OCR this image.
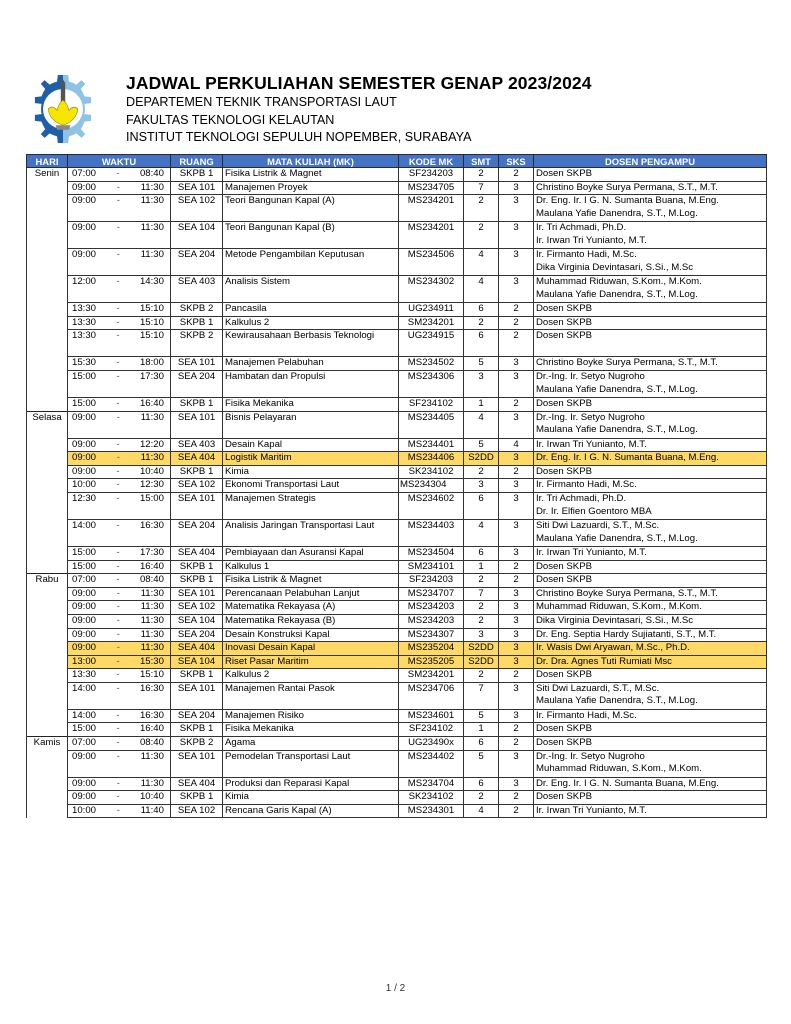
JADWAL PERKULIAHAN SEMESTER GENAP 2023/2024
DEPARTEMEN TEKNIK TRANSPORTASI LAUT
FAKULTAS TEKNOLOGI KELAUTAN
INSTITUT TEKNOLOGI SEPULUH NOPEMBER, SURABAYA
HARI	WAKTU	RUANG	MATA KULIAH (MK)	KODE MK	SMT	SKS	DOSEN PENGAMPU
Senin	07:00 - 08:40	SKPB 1	Fisika Listrik & Magnet	SF234203	2	2	Dosen SKPB

	09:00 - 11:30	SEA 101	Manajemen Proyek	MS234705	7	3	Christino Boyke Surya Permana, S.T., M.T.

	09:00 - 11:30	SEA 102	Teori Bangunan Kapal (A)	MS234201	2	3	Dr. Eng. Ir. I G. N. Sumanta Buana, M.Eng.
Maulana Yafie Danendra, S.T., M.Log.

	09:00 - 11:30	SEA 104	Teori Bangunan Kapal (B)	MS234201	2	3	Ir. Tri Achmadi, Ph.D.
Ir. Irwan Tri Yunianto, M.T.

	09:00 - 11:30	SEA 204	Metode Pengambilan Keputusan	MS234506	4	3	Ir. Firmanto Hadi, M.Sc.
Dika Virginia Devintasari, S.Si., M.Sc

	12:00 - 14:30	SEA 403	Analisis Sistem	MS234302	4	3	Muhammad Riduwan, S.Kom., M.Kom.
Maulana Yafie Danendra, S.T., M.Log.

	13:30 - 15:10	SKPB 2	Pancasila	UG234911	6	2	Dosen SKPB

	13:30 - 15:10	SKPB 1	Kalkulus 2	SM234201	2	2	Dosen SKPB

	13:30 - 15:10	SKPB 2	Kewirausahaan Berbasis Teknologi	UG234915	6	2	Dosen SKPB

	15:30 - 18:00	SEA 101	Manajemen Pelabuhan	MS234502	5	3	Christino Boyke Surya Permana, S.T., M.T.

	15:00 - 17:30	SEA 204	Hambatan dan Propulsi	MS234306	3	3	Dr.-Ing. Ir. Setyo Nugroho
Maulana Yafie Danendra, S.T., M.Log.

	15:00 - 16:40	SKPB 1	Fisika Mekanika	SF234102	1	2	Dosen SKPB

Selasa	09:00 - 11:30	SEA 101	Bisnis Pelayaran	MS234405	4	3	Dr.-Ing. Ir. Setyo Nugroho
Maulana Yafie Danendra, S.T., M.Log.

	09:00 - 12:20	SEA 403	Desain Kapal	MS234401	5	4	Ir. Irwan Tri Yunianto, M.T.

	09:00 - 11:30	SEA 404	Logistik Maritim	MS234406	S2DD	3	Dr. Eng. Ir. I G. N. Sumanta Buana, M.Eng.

	09:00 - 10:40	SKPB 1	Kimia	SK234102	2	2	Dosen SKPB

	10:00 - 12:30	SEA 102	Ekonomi Transportasi Laut	MS234304	3	3	Ir. Firmanto Hadi, M.Sc.

	12:30 - 15:00	SEA 101	Manajemen Strategis	MS234602	6	3	Ir. Tri Achmadi, Ph.D.
Dr. Ir. Elfien Goentoro MBA

	14:00 - 16:30	SEA 204	Analisis Jaringan Transportasi Laut	MS234403	4	3	Siti Dwi Lazuardi, S.T., M.Sc.
Maulana Yafie Danendra, S.T., M.Log.

	15:00 - 17:30	SEA 404	Pembiayaan dan Asuransi Kapal	MS234504	6	3	Ir. Irwan Tri Yunianto, M.T.

	15:00 - 16:40	SKPB 1	Kalkulus 1	SM234101	1	2	Dosen SKPB

Rabu	07:00 - 08:40	SKPB 1	Fisika Listrik & Magnet	SF234203	2	2	Dosen SKPB

	09:00 - 11:30	SEA 101	Perencanaan Pelabuhan Lanjut	MS234707	7	3	Christino Boyke Surya Permana, S.T., M.T.

	09:00 - 11:30	SEA 102	Matematika Rekayasa (A)	MS234203	2	3	Muhammad Riduwan, S.Kom., M.Kom.

	09:00 - 11:30	SEA 104	Matematika Rekayasa (B)	MS234203	2	3	Dika Virginia Devintasari, S.Si., M.Sc

	09:00 - 11:30	SEA 204	Desain Konstruksi Kapal	MS234307	3	3	Dr. Eng. Septia Hardy Sujiatanti, S.T., M.T.

	09:00 - 11:30	SEA 404	Inovasi Desain Kapal	MS235204	S2DD	3	Ir. Wasis Dwi Aryawan, M.Sc., Ph.D.

	13:00 - 15:30	SEA 104	Riset Pasar Maritim	MS235205	S2DD	3	Dr. Dra. Agnes Tuti Rumiati Msc

	13:30 - 15:10	SKPB 1	Kalkulus 2	SM234201	2	2	Dosen SKPB

	14:00 - 16:30	SEA 101	Manajemen Rantai Pasok	MS234706	7	3	Siti Dwi Lazuardi, S.T., M.Sc.
Maulana Yafie Danendra, S.T., M.Log.

	14:00 - 16:30	SEA 204	Manajemen Risiko	MS234601	5	3	Ir. Firmanto Hadi, M.Sc.

	15:00 - 16:40	SKPB 1	Fisika Mekanika	SF234102	1	2	Dosen SKPB

Kamis	07:00 - 08:40	SKPB 2	Agama	UG23490x	6	2	Dosen SKPB

	09:00 - 11:30	SEA 101	Pemodelan Transportasi Laut	MS234402	5	3	Dr.-Ing. Ir. Setyo Nugroho
Muhammad Riduwan, S.Kom., M.Kom.

	09:00 - 11:30	SEA 404	Produksi dan Reparasi Kapal	MS234704	6	3	Dr. Eng. Ir. I G. N. Sumanta Buana, M.Eng.

	09:00 - 10:40	SKPB 1	Kimia	SK234102	2	2	Dosen SKPB

	10:00 - 11:40	SEA 102	Rencana Garis Kapal (A)	MS234301	4	2	Ir. Irwan Tri Yunianto, M.T.
1 / 2
